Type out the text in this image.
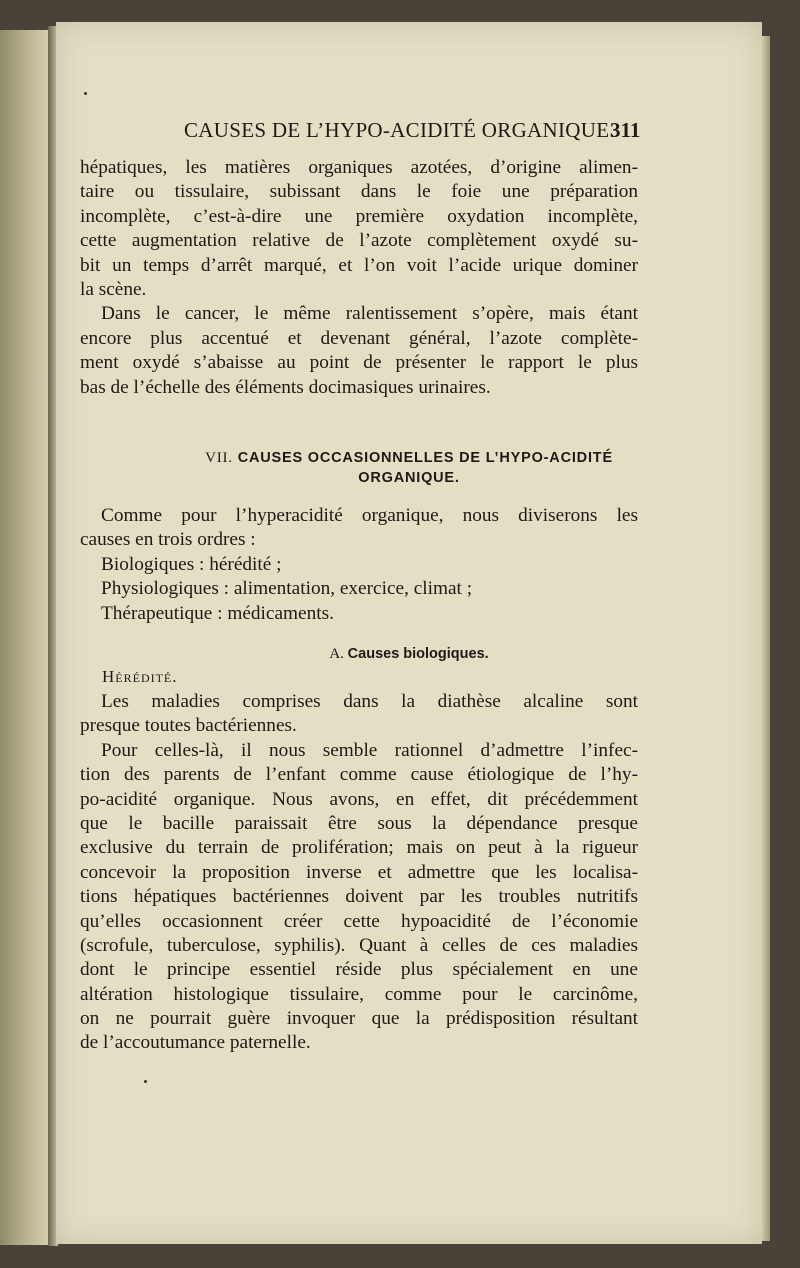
CAUSES DE L’HYPO-ACIDITÉ ORGANIQUE.
311
hépatiques, les matières organiques azotées, d’origine alimen-
taire ou tissulaire, subissant dans le foie une préparation
incomplète, c’est-à-dire une première oxydation incomplète,
cette augmentation relative de l’azote complètement oxydé su-
bit un temps d’arrêt marqué, et l’on voit l’acide urique dominer
la scène.
Dans le cancer, le même ralentissement s’opère, mais étant
encore plus accentué et devenant général, l’azote complète-
ment oxydé s’abaisse au point de présenter le rapport le plus
bas de l’échelle des éléments docimasiques urinaires.
VII. CAUSES OCCASIONNELLES DE L’HYPO-ACIDITÉ
ORGANIQUE.
Comme pour l’hyperacidité organique, nous diviserons les
causes en trois ordres :
Biologiques : hérédité ;
Physiologiques : alimentation, exercice, climat ;
Thérapeutique : médicaments.
A. Causes biologiques.
Hérédité.
Les maladies comprises dans la diathèse alcaline sont
presque toutes bactériennes.
Pour celles-là, il nous semble rationnel d’admettre l’infec-
tion des parents de l’enfant comme cause étiologique de l’hy-
po-acidité organique. Nous avons, en effet, dit précédemment
que le bacille paraissait être sous la dépendance presque
exclusive du terrain de prolifération; mais on peut à la rigueur
concevoir la proposition inverse et admettre que les localisa-
tions hépatiques bactériennes doivent par les troubles nutritifs
qu’elles occasionnent créer cette hypoacidité de l’économie
(scrofule, tuberculose, syphilis). Quant à celles de ces maladies
dont le principe essentiel réside plus spécialement en une
altération histologique tissulaire, comme pour le carcinôme,
on ne pourrait guère invoquer que la prédisposition résultant
de l’accoutumance paternelle.
